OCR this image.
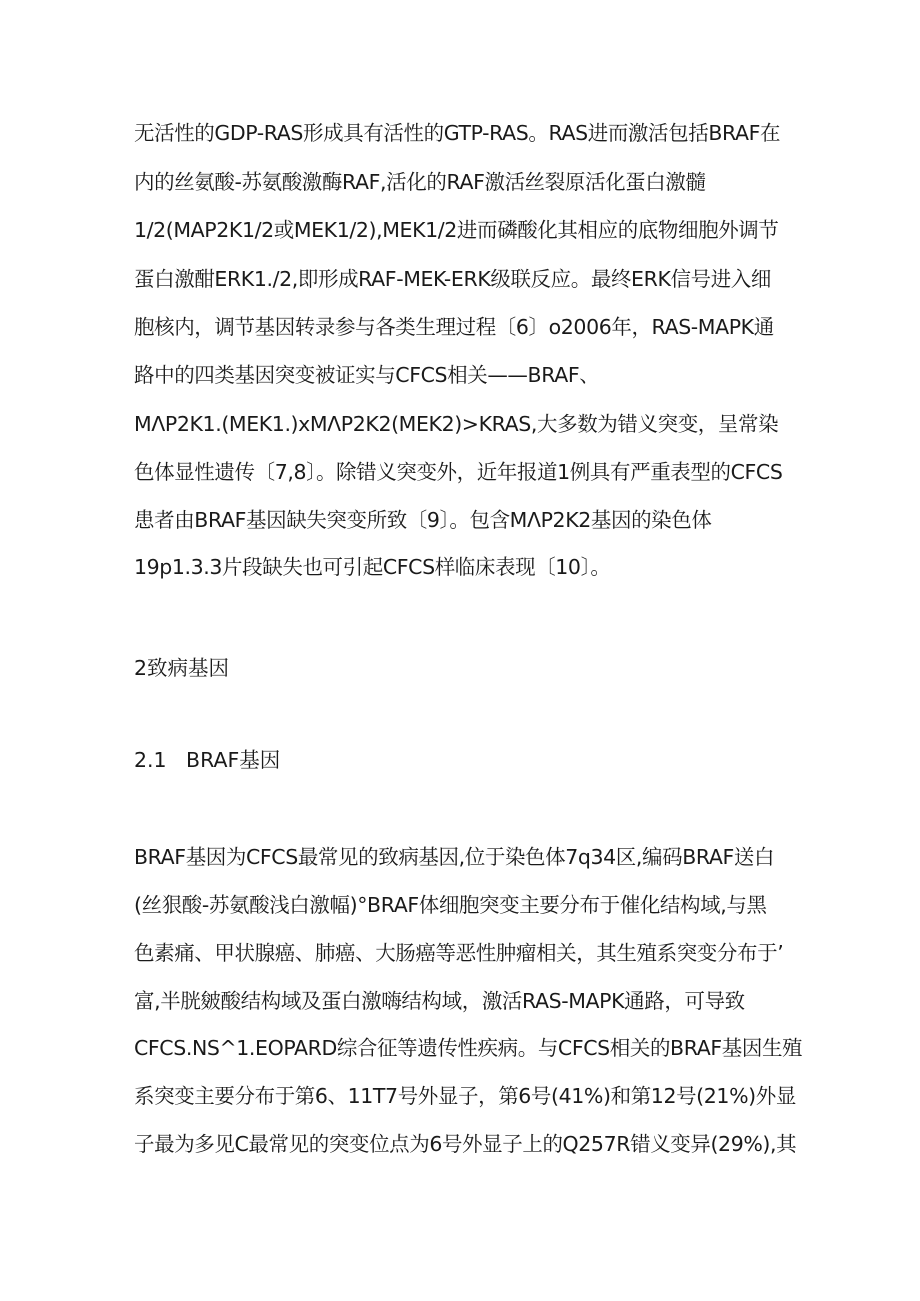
无活性的GDP-RAS形成具有活性的GTP-RAS。RAS进而激活包括BRAF在
内的丝氨酸-苏氨酸激酶RAF,活化的RAF激活丝裂原活化蛋白激髓
1/2(MAP2K1/2或MEK1/2),MEK1/2进而磷酸化其相应的底物细胞外调节
蛋白激酣ERK1./2,即形成RAF-MEK-ERK级联反应。最终ERK信号进入细
胞核内，调节基因转录参与各类生理过程〔6〕o2006年，RAS-MAPK通
路中的四类基因突变被证实与CFCS相关——BRAF、
MΛP2K1.(MEK1.)xMΛP2K2(MEK2)>KRAS,大多数为错义突变，呈常染
色体显性遗传〔7,8〕。除错义突变外，近年报道1例具有严重表型的CFCS
患者由BRAF基因缺失突变所致〔9〕。包含MΛP2K2基因的染色体
19p1.3.3片段缺失也可引起CFCS样临床表现〔10〕。
2致病基因
2.1 BRAF基因
BRAF基因为CFCS最常见的致病基因,位于染色体7q34区,编码BRAF送白
(丝狠酸-苏氨酸浅白激幅)°BRAF体细胞突变主要分布于催化结构域,与黑
色素痛、甲状腺癌、肺癌、大肠癌等恶性肿瘤相关，其生殖系突变分布于’
富,半胱皴酸结构域及蛋白激嗨结构域，激活RAS-MAPK通路，可导致
CFCS.NS^1.EOPARD综合征等遗传性疾病。与CFCS相关的BRAF基因生殖
系突变主要分布于第6、11T7号外显子，第6号(41%)和第12号(21%)外显
子最为多见C最常见的突变位点为6号外显子上的Q257R错义变异(29%),其
